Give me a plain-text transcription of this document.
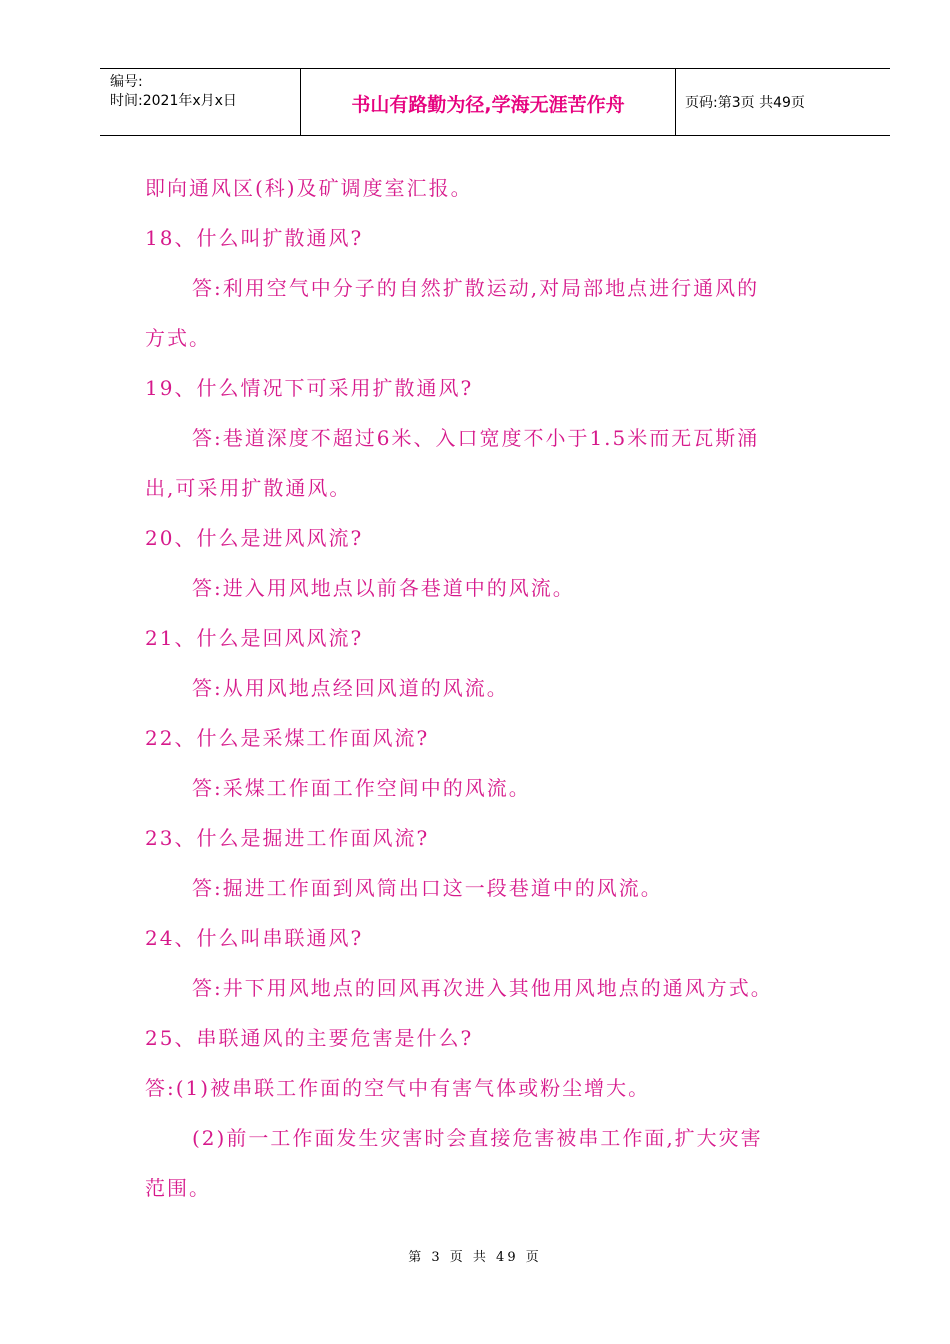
编号:
时间:2021年x月x日	书山有路勤为径,学海无涯苦作舟	页码:第3页 共49页
即向通风区(科)及矿调度室汇报。
18、什么叫扩散通风?
答:利用空气中分子的自然扩散运动,对局部地点进行通风的
方式。
19、什么情况下可采用扩散通风?
答:巷道深度不超过6米、入口宽度不小于1.5米而无瓦斯涌
出,可采用扩散通风。
20、什么是进风风流?
答:进入用风地点以前各巷道中的风流。
21、什么是回风风流?
答:从用风地点经回风道的风流。
22、什么是采煤工作面风流?
答:采煤工作面工作空间中的风流。
23、什么是掘进工作面风流?
答:掘进工作面到风筒出口这一段巷道中的风流。
24、什么叫串联通风?
答:井下用风地点的回风再次进入其他用风地点的通风方式。
25、串联通风的主要危害是什么?
答:(1)被串联工作面的空气中有害气体或粉尘增大。
(2)前一工作面发生灾害时会直接危害被串工作面,扩大灾害
范围。
第 3 页 共 49 页
